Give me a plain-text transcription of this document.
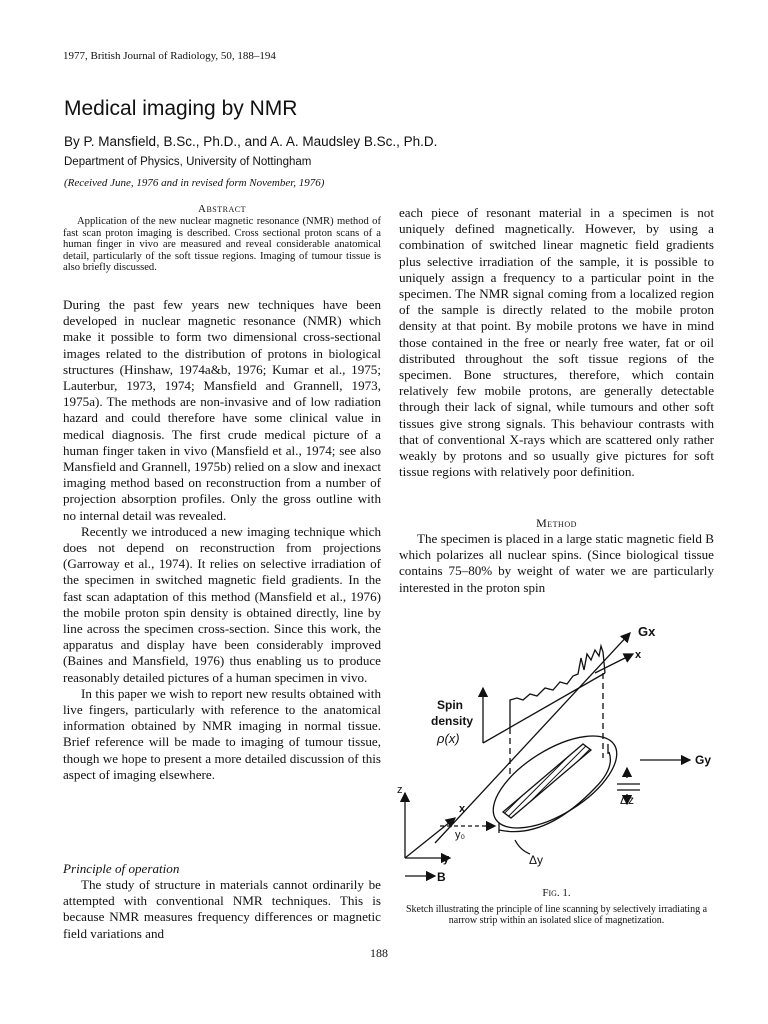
1977, British Journal of Radiology, 50, 188–194
Medical imaging by NMR
By P. Mansfield, B.Sc., Ph.D., and A. A. Maudsley B.Sc., Ph.D.
Department of Physics, University of Nottingham
(Received June, 1976 and in revised form November, 1976)
Abstract

Application of the new nuclear magnetic resonance (NMR) method of fast scan proton imaging is described. Cross sectional proton scans of a human finger in vivo are measured and reveal considerable anatomical detail, particularly of the soft tissue regions. Imaging of tumour tissue is also briefly discussed.

During the past few years new techniques have been developed in nuclear magnetic resonance (NMR) which make it possible to form two dimensional cross-sectional images related to the distribution of protons in biological structures (Hinshaw, 1974a&b, 1976; Kumar et al., 1975; Lauterbur, 1973, 1974; Mansfield and Grannell, 1973, 1975a). The methods are non-invasive and of low radiation hazard and could therefore have some clinical value in medical diagnosis. The first crude medical picture of a human finger taken in vivo (Mansfield et al., 1974; see also Mansfield and Grannell, 1975b) relied on a slow and inexact imaging method based on reconstruction from a number of projection absorption profiles. Only the gross outline with no internal detail was revealed.

Recently we introduced a new imaging technique which does not depend on reconstruction from projections (Garroway et al., 1974). It relies on selective irradiation of the specimen in switched magnetic field gradients. In the fast scan adaptation of this method (Mansfield et al., 1976) the mobile proton spin density is obtained directly, line by line across the specimen cross-section. Since this work, the apparatus and display have been considerably improved (Baines and Mansfield, 1976) thus enabling us to produce reasonably detailed pictures of a human specimen in vivo.

In this paper we wish to report new results obtained with live fingers, particularly with reference to the anatomical information obtained by NMR imaging in normal tissue. Brief reference will be made to imaging of tumour tissue, though we hope to present a more detailed discussion of this aspect of imaging elsewhere.

Principle of operation

The study of structure in materials cannot ordinarily be attempted with conventional NMR techniques. This is because NMR measures frequency differences or magnetic field variations and

each piece of resonant material in a specimen is not uniquely defined magnetically. However, by using a combination of switched linear magnetic field gradients plus selective irradiation of the sample, it is possible to uniquely assign a frequency to a particular point in the specimen. The NMR signal coming from a localized region of the sample is directly related to the mobile proton density at that point. By mobile protons we have in mind those contained in the free or nearly free water, fat or oil distributed throughout the soft tissue regions of the specimen. Bone structures, therefore, which contain relatively few mobile protons, are generally detectable through their lack of signal, while tumours and other soft tissues give strong signals. This behaviour contrasts with that of conventional X-rays which are scattered only rather weakly by protons and so usually give pictures for soft tissue regions with relatively poor definition.

Method

The specimen is placed in a large static magnetic field B which polarizes all nuclear spins. (Since biological tissue contains 75–80% by weight of water we are particularly interested in the proton spin

Gx
x
Spin
density
ρ(x)
Gy
Δz
z
x
y₀
Δy
y
B
Fig. 1.
Sketch illustrating the principle of line scanning by selectively irradiating a narrow strip within an isolated slice of magnetization.
188
